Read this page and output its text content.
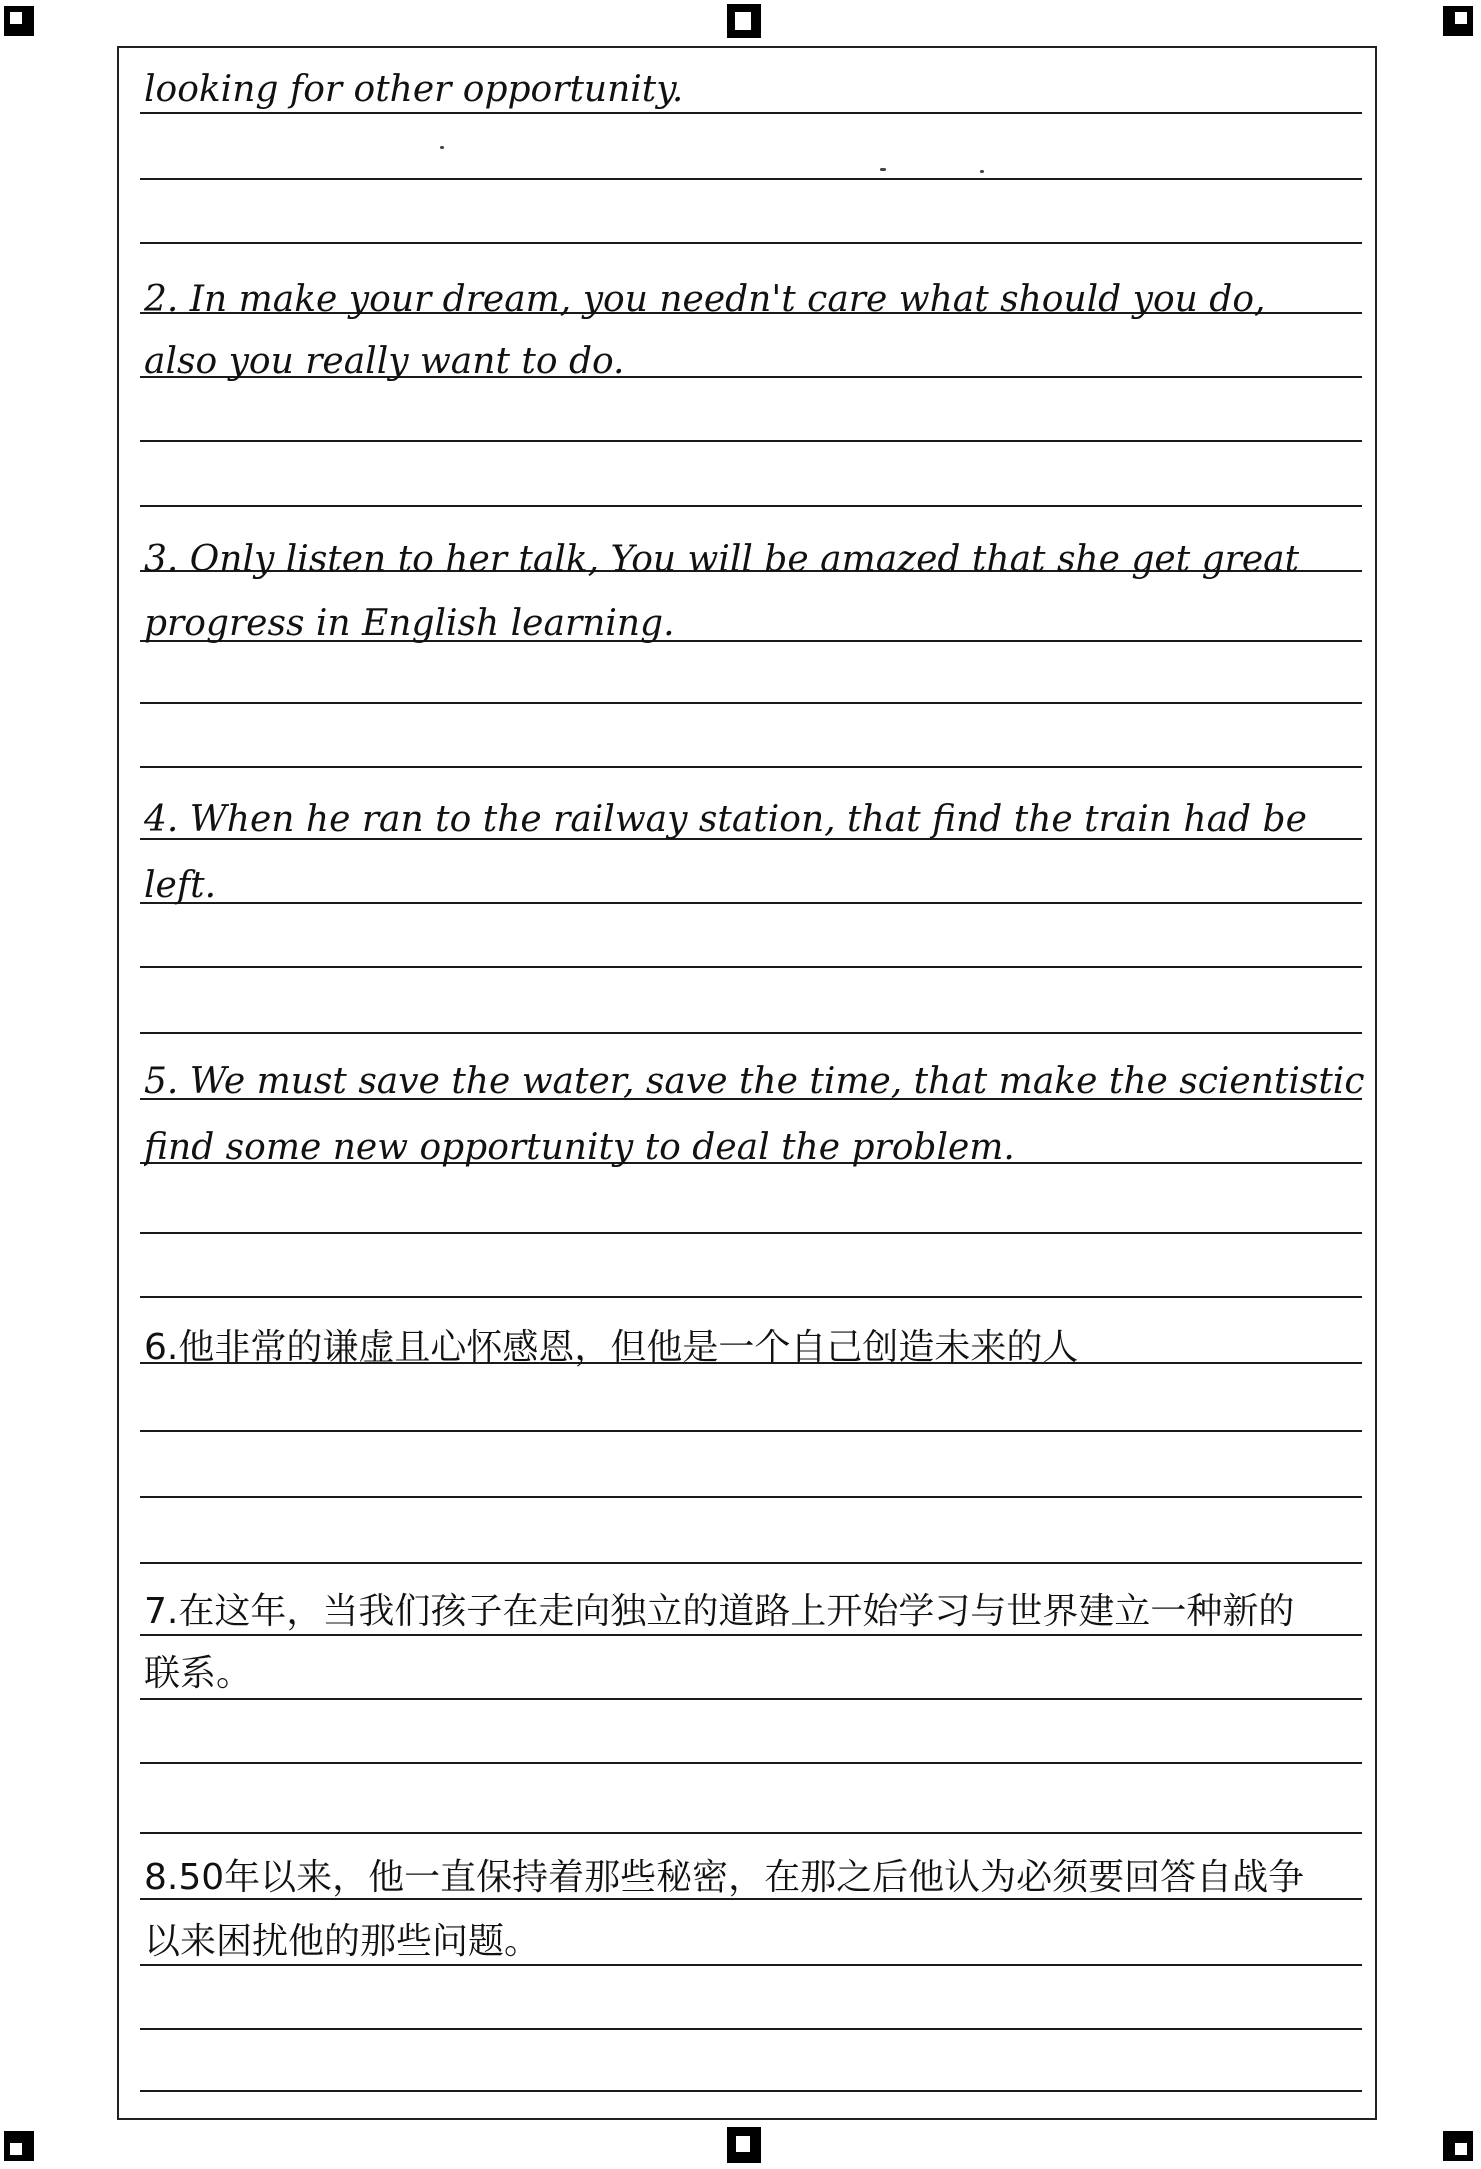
looking for other opportunity.
2. In make your dream, you needn't care what should you do,
also you really want to do.
3. Only listen to her talk, You will be amazed that she get great
progress in English learning.
4. When he ran to the railway station, that find the train had be
left.
5. We must save the water, save the time, that make the scientistic
find some new opportunity to deal the problem.
6.他非常的谦虚且心怀感恩，但他是一个自己创造未来的人
7.在这年，当我们孩子在走向独立的道路上开始学习与世界建立一种新的
联系。
8.50年以来，他一直保持着那些秘密，在那之后他认为必须要回答自战争
以来困扰他的那些问题。
